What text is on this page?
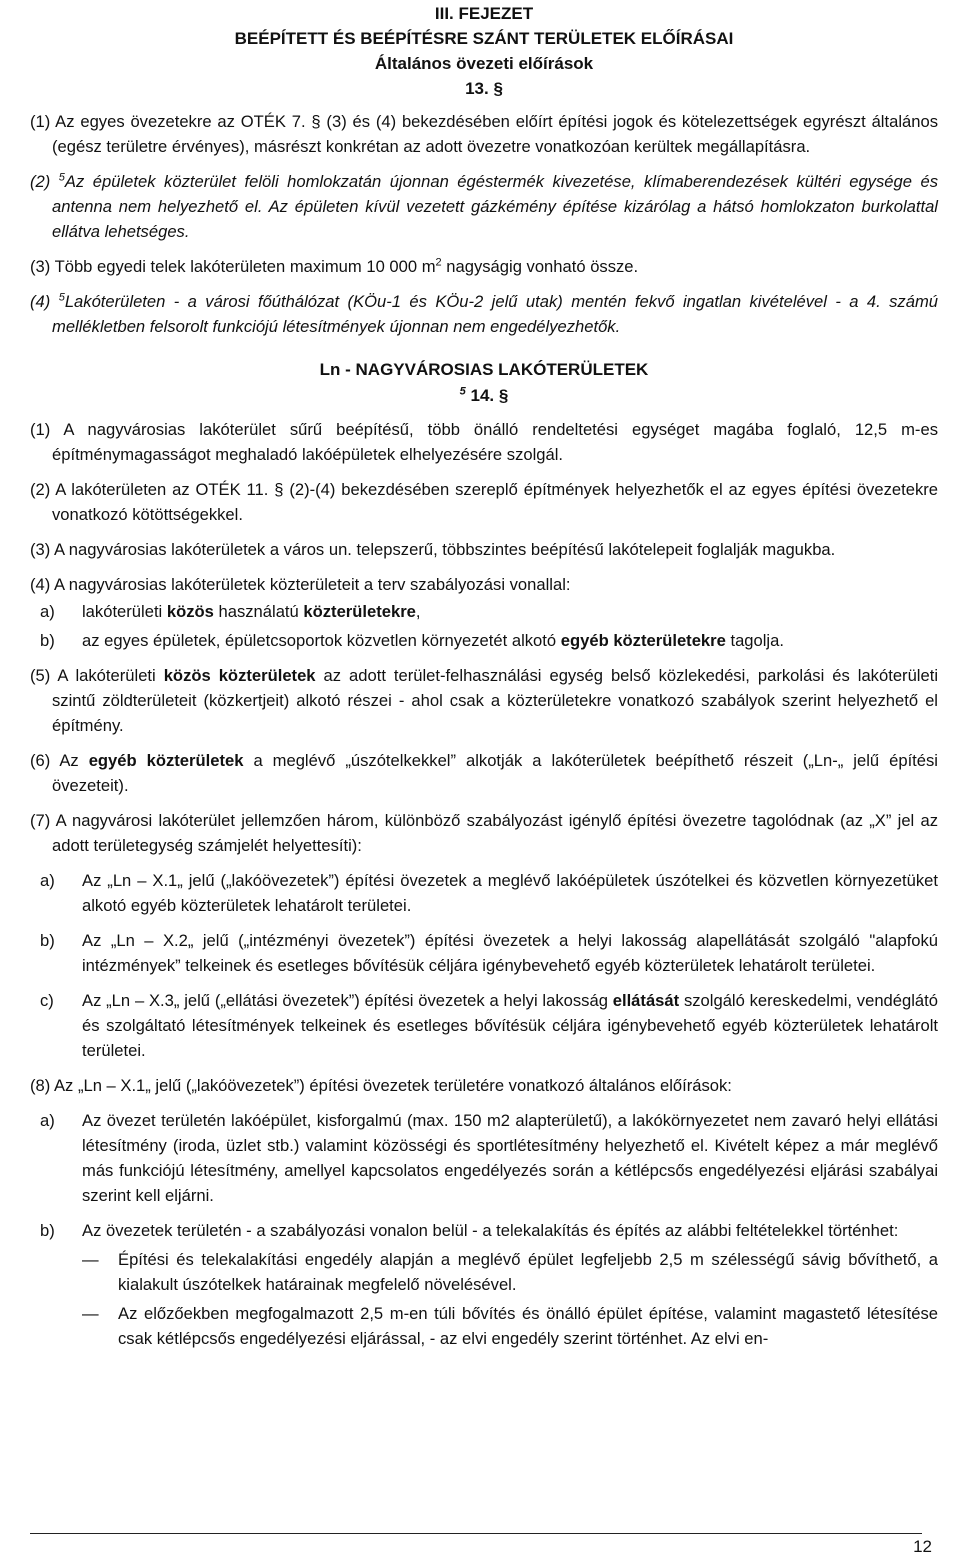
III. FEJEZET
BEÉPÍTETT ÉS BEÉPÍTÉSRE SZÁNT TERÜLETEK ELŐÍRÁSAI
Általános övezeti előírások
13. §

(1) Az egyes övezetekre az OTÉK 7. § (3) és (4) bekezdésében előírt építési jogok és kötelezettségek egyrészt általános (egész területre érvényes), másrészt konkrétan az adott övezetre vonatkozóan kerültek megállapításra.

(2) $^5$Az épületek közterület felöli homlokzatán újonnan égéstermék kivezetése, klímaberendezések kültéri egysége és antenna nem helyezhető el. Az épületen kívül vezetett gázkémény építése kizárólag a hátsó homlokzaton burkolattal ellátva lehetséges.

(3) Több egyedi telek lakóterületen maximum 10 000 $m^2$ nagyságig vonható össze.

(4) $^5$Lakóterületen - a városi főúthálózat (KÖu-1 és KÖu-2 jelű utak) mentén fekvő ingatlan kivételével - a 4. számú mellékletben felsorolt funkciójú létesítmények újonnan nem engedélyezhetők.

Ln - NAGYVÁROSIAS LAKÓTERÜLETEK
$^5$ 14. §

(1) A nagyvárosias lakóterület sűrű beépítésű, több önálló rendeltetési egységet magába foglaló, 12,5 m-es építménymagasságot meghaladó lakóépületek elhelyezésére szolgál.

(2) A lakóterületen az OTÉK 11. § (2)-(4) bekezdésében szereplő építmények helyezhetők el az egyes építési övezetekre vonatkozó kötöttségekkel.

(3) A nagyvárosias lakóterületek a város un. telepszerű, többszintes beépítésű lakótelepeit foglalják magukba.

(4) A nagyvárosias lakóterületek közterületeit a terv szabályozási vonallal:

a)	lakóterületi közös használatú közterületekre,
b)	az egyes épületek, épületcsoportok közvetlen környezetét alkotó egyéb közterületekre tagolja.

(5) A lakóterületi közös közterületek az adott terület-felhasználási egység belső közlekedési, parkolási és lakóterületi szintű zöldterületeit (közkertjeit) alkotó részei - ahol csak a közterületekre vonatkozó szabályok szerint helyezhető el építmény.

(6) Az egyéb közterületek a meglévő „úszótelkekkel” alkotják a lakóterületek beépíthető részeit („Ln-„ jelű építési övezeteit).

(7) A nagyvárosi lakóterület jellemzően három, különböző szabályozást igénylő építési övezetre tagolódnak (az „X” jel az adott területegység számjelét helyettesíti):

a)	Az „Ln – X.1„ jelű („lakóövezetek”) építési övezetek a meglévő lakóépületek úszótelkei és közvetlen környezetüket alkotó egyéb közterületek lehatárolt területei.
b)	Az „Ln – X.2„ jelű („intézményi övezetek”) építési övezetek a helyi lakosság alapellátását szolgáló "alapfokú intézmények” telkeinek és esetleges bővítésük céljára igénybevehető egyéb közterületek lehatárolt területei.
c)	Az „Ln – X.3„ jelű („ellátási övezetek”) építési övezetek a helyi lakosság ellátását szolgáló kereskedelmi, vendéglátó és szolgáltató létesítmények telkeinek és esetleges bővítésük céljára igénybevehető egyéb közterületek lehatárolt területei.

(8) Az „Ln – X.1„ jelű („lakóövezetek”) építési övezetek területére vonatkozó általános előírások:

a)	Az övezet területén lakóépület, kisforgalmú (max. 150 m2 alapterületű), a lakókörnyezetet nem zavaró helyi ellátási létesítmény (iroda, üzlet stb.) valamint közösségi és sportlétesítmény helyezhető el. Kivételt képez a már meglévő más funkciójú létesítmény, amellyel kapcsolatos engedélyezés során a kétlépcsős engedélyezési eljárási szabályai szerint kell eljárni.
b)	Az övezetek területén - a szabályozási vonalon belül - a telekalakítás és építés az alábbi feltételekkel történhet:
—	Építési és telekalakítási engedély alapján a meglévő épület legfeljebb 2,5 m szélességű sávig bővíthető, a kialakult úszótelkek határainak megfelelő növelésével.
—	Az előzőekben megfogalmazott 2,5 m-en túli bővítés és önálló épület építése, valamint magastető létesítése csak kétlépcsős engedélyezési eljárással, - az elvi engedély szerint történhet. Az elvi en-
12
